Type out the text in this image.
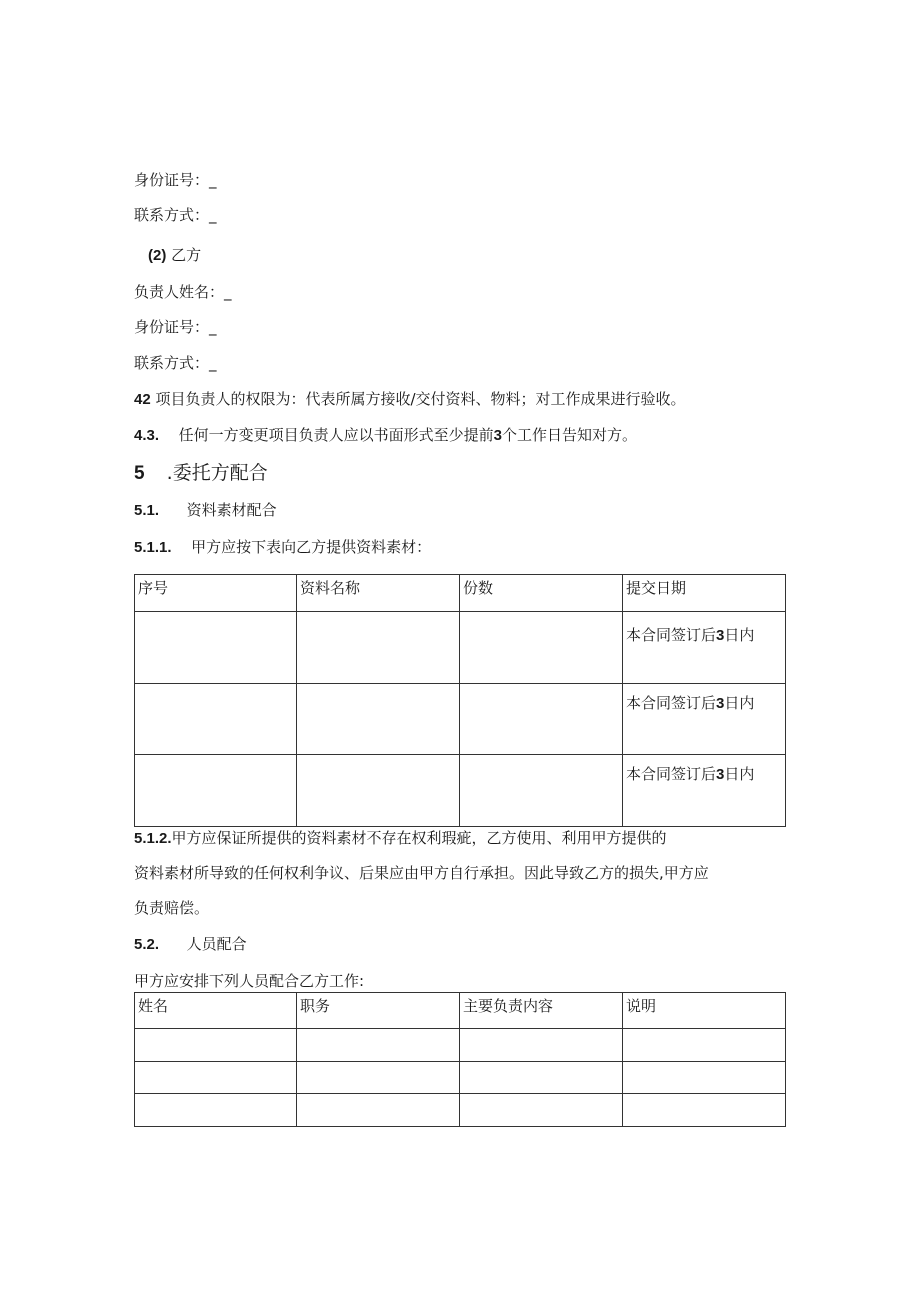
身份证号：_
联系方式：_
(2) 乙方
负责人姓名：_
身份证号：_
联系方式：_
42 项目负责人的权限为：代表所属方接收/交付资料、物料；对工作成果进行验收。
4.3. 任何一方变更项目负责人应以书面形式至少提前3个工作日告知对方。
5 .委托方配合
5.1. 资料素材配合
5.1.1. 甲方应按下表向乙方提供资料素材：
序号	资料名称	份数	提交日期
			本合同签订后3日内
			本合同签订后3日内
			本合同签订后3日内
5.1.2.甲方应保证所提供的资料素材不存在权利瑕疵，乙方使用、利用甲方提供的
资料素材所导致的任何权利争议、后果应由甲方自行承担。因此导致乙方的损失,甲方应
负责赔偿。
5.2. 人员配合
甲方应安排下列人员配合乙方工作:
姓名	职务	主要负责内容	说明
